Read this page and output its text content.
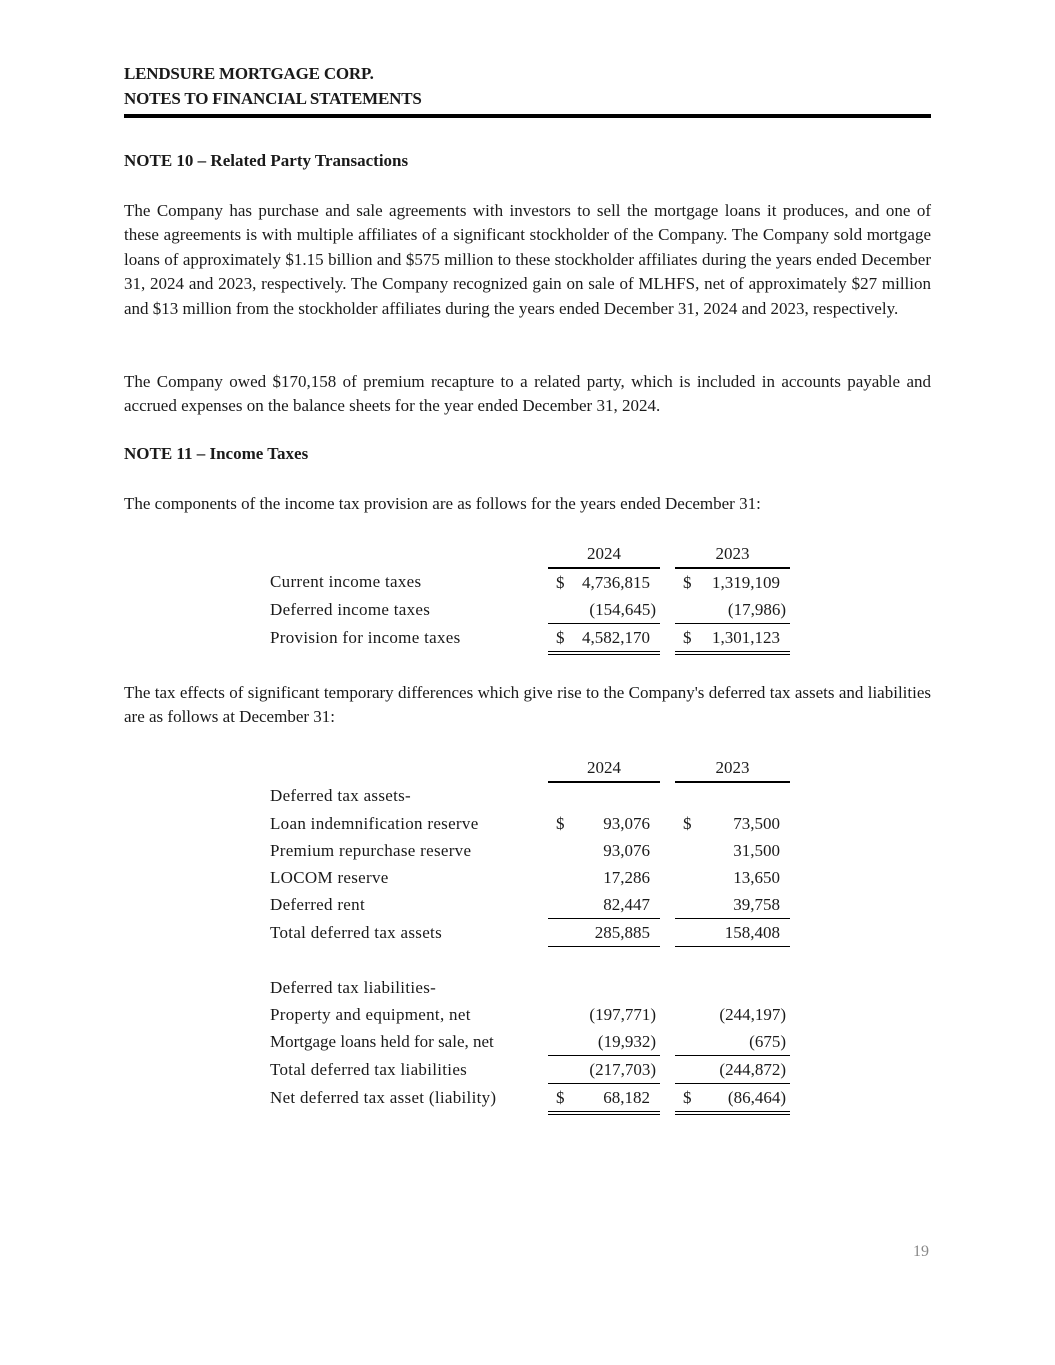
LENDSURE MORTGAGE CORP.
NOTES TO FINANCIAL STATEMENTS
NOTE 10 – Related Party Transactions
The Company has purchase and sale agreements with investors to sell the mortgage loans it produces, and one of these agreements is with multiple affiliates of a significant stockholder of the Company. The Company sold mortgage loans of approximately $1.15 billion and $575 million to these stockholder affiliates during the years ended December 31, 2024 and 2023, respectively. The Company recognized gain on sale of MLHFS, net of approximately $27 million and $13 million from the stockholder affiliates during the years ended December 31, 2024 and 2023, respectively.
The Company owed $170,158 of premium recapture to a related party, which is included in accounts payable and accrued expenses on the balance sheets for the year ended December 31, 2024.
NOTE 11 – Income Taxes
The components of the income tax provision are as follows for the years ended December 31:
	2024			2023	
Current income taxes	$	4,736,815		$	1,319,109
Deferred income taxes		(154,645)			(17,986)
Provision for income taxes	$	4,582,170		$	1,301,123
The tax effects of significant temporary differences which give rise to the Company's deferred tax assets and liabilities are as follows at December 31:
	2024			2023	
Deferred tax assets-					
Loan indemnification reserve	$	93,076		$	73,500
Premium repurchase reserve		93,076			31,500
LOCOM reserve		17,286			13,650
Deferred rent		82,447			39,758
Total deferred tax assets		285,885			158,408

Deferred tax liabilities-					
Property and equipment, net		(197,771)			(244,197)
Mortgage loans held for sale, net		(19,932)			(675)
Total deferred tax liabilities		(217,703)			(244,872)
Net deferred tax asset (liability)	$	68,182		$	(86,464)
19
